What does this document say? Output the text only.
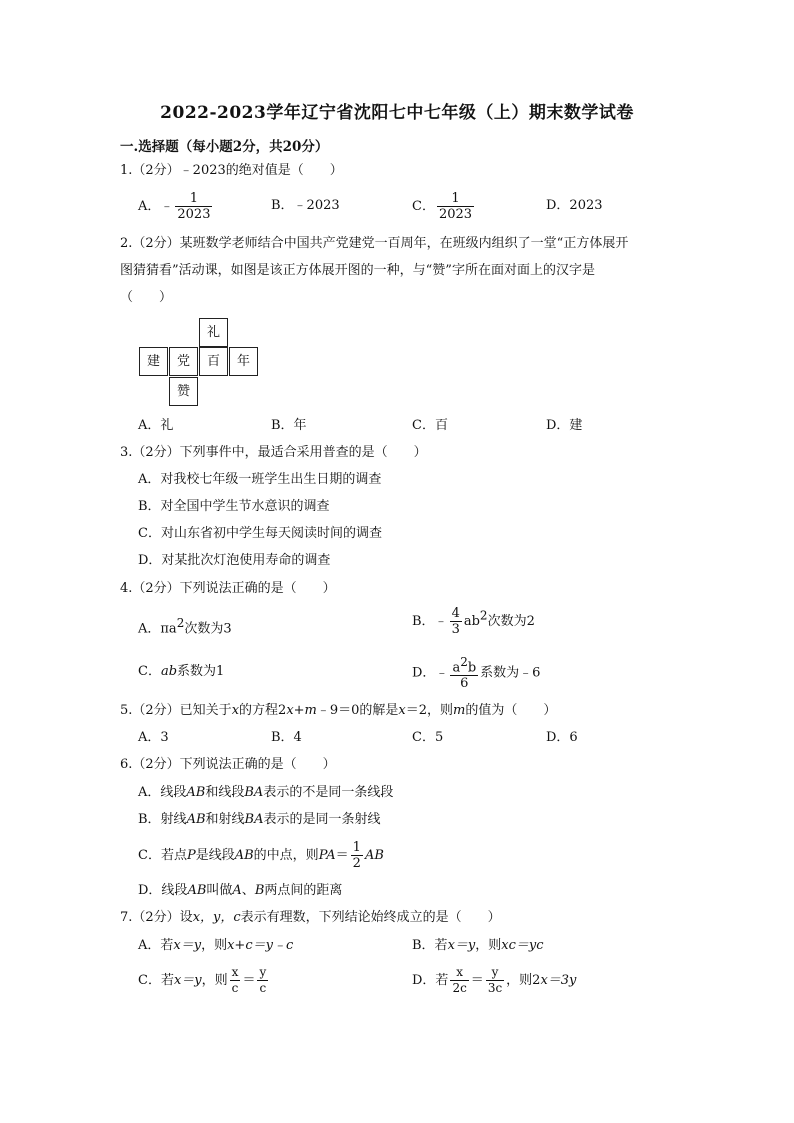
2022-2023学年辽宁省沈阳七中七年级（上）期末数学试卷
一.选择题（每小题2分，共20分）
1.（2分）﹣2023的绝对值是（　　）
A．﹣ $\frac{1}{2023}$	B．﹣2023	C． $\frac{1}{2023}$	D．2023
2.（2分）某班数学老师结合中国共产党建党一百周年，在班级内组织了一堂“正方体展开
图猜猜看”活动课，如图是该正方体展开图的一种，与“赞”字所在面对面上的汉字是
（　　）
礼
建	党	百	年
赞
A．礼	B．年	C．百	D．建
3.（2分）下列事件中，最适合采用普查的是（　　）
A．对我校七年级一班学生出生日期的调查
B．对全国中学生节水意识的调查
C．对山东省初中学生每天阅读时间的调查
D．对某批次灯泡使用寿命的调查
4.（2分）下列说法正确的是（　　）
A．$\pi a^2$次数为3	B．﹣ $\frac{4}{3} ab^2$次数为2
C．ab系数为1	D．﹣ $\frac{a^2b}{6}$ 系数为﹣6
5.（2分）已知关于x的方程2x+m﹣9＝0的解是x＝2，则m的值为（　　）
A．3	B．4	C．5	D．6
6.（2分）下列说法正确的是（　　）
A．线段AB和线段BA表示的不是同一条线段
B．射线AB和射线BA表示的是同一条射线
C．若点P是线段AB的中点，则$PA= \frac{1}{2}$ AB
D．线段AB叫做A、B两点间的距离
7.（2分）设x，y，c表示有理数，下列结论始终成立的是（　　）
A．若x＝y，则x+c＝y﹣c	B．若x＝y，则xc＝yc
C．若x＝y，则 $\frac{x}{c} = \frac{y}{c}$	D．若 $\frac{x}{2c} = \frac{y}{3c}$ ，则2x＝3y
